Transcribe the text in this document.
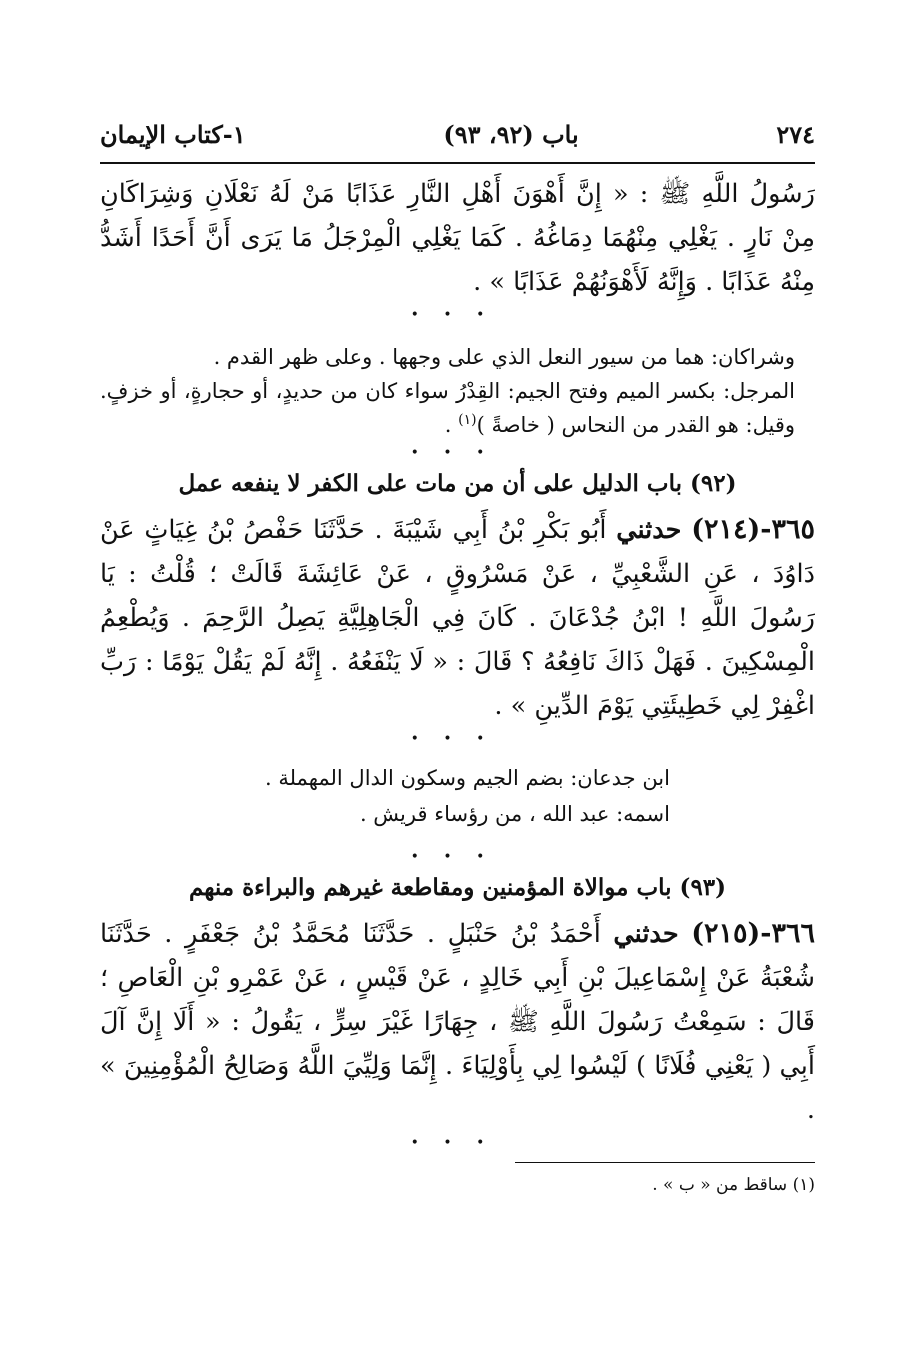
٢٧٤
باب (٩٢، ٩٣)
١-كتاب الإيمان

رَسُولُ اللَّهِ ﷺ : « إِنَّ أَهْوَنَ أَهْلِ النَّارِ عَذَابًا مَنْ لَهُ نَعْلَانِ وَشِرَاكَانِ مِنْ نَارٍ . يَغْلِي مِنْهُمَا دِمَاغُهُ . كَمَا يَغْلِي الْمِرْجَلُ مَا يَرَى أَنَّ أَحَدًا أَشَدُّ مِنْهُ عَذَابًا . وَإِنَّهُ لَأَهْوَنُهُمْ عَذَابًا » .

• • •

وشراكان: هما من سيور النعل الذي على وجهها . وعلى ظهر القدم .

المرجل: بكسر الميم وفتح الجيم: القِدْرُ سواء كان من حديدٍ، أو حجارةٍ، أو خزفٍ. وقيل: هو القدر من النحاس ( خاصةً )$^{(١)}$ .

• • •

(٩٢) باب الدليل على أن من مات على الكفر لا ينفعه عمل

٣٦٥-(٢١٤) حدثني أَبُو بَكْرِ بْنُ أَبِي شَيْبَةَ . حَدَّثَنَا حَفْصُ بْنُ غِيَاثٍ عَنْ دَاوُدَ ، عَنِ الشَّعْبِيِّ ، عَنْ مَسْرُوقٍ ، عَنْ عَائِشَةَ قَالَتْ ؛ قُلْتُ : يَا رَسُولَ اللَّهِ ! ابْنُ جُدْعَانَ . كَانَ فِي الْجَاهِلِيَّةِ يَصِلُ الرَّحِمَ . وَيُطْعِمُ الْمِسْكِينَ . فَهَلْ ذَاكَ نَافِعُهُ ؟ قَالَ : « لَا يَنْفَعُهُ . إِنَّهُ لَمْ يَقُلْ يَوْمًا : رَبِّ اغْفِرْ لِي خَطِيئَتِي يَوْمَ الدِّينِ » .

• • •

ابن جدعان: بضم الجيم وسكون الدال المهملة .

اسمه: عبد الله ، من رؤساء قريش .

• • •

(٩٣) باب موالاة المؤمنين ومقاطعة غيرهم والبراءة منهم

٣٦٦-(٢١٥) حدثني أَحْمَدُ بْنُ حَنْبَلٍ . حَدَّثَنَا مُحَمَّدُ بْنُ جَعْفَرٍ . حَدَّثَنَا شُعْبَةُ عَنْ إِسْمَاعِيلَ بْنِ أَبِي خَالِدٍ ، عَنْ قَيْسٍ ، عَنْ عَمْرِو بْنِ الْعَاصِ ؛ قَالَ : سَمِعْتُ رَسُولَ اللَّهِ ﷺ ، جِهَارًا غَيْرَ سِرٍّ ، يَقُولُ : « أَلَا إِنَّ آلَ أَبِي ( يَعْنِي فُلَانًا ) لَيْسُوا لِي بِأَوْلِيَاءَ . إِنَّمَا وَلِيِّيَ اللَّهُ وَصَالِحُ الْمُؤْمِنِينَ » .

• • •

(١) ساقط من « ب » .
